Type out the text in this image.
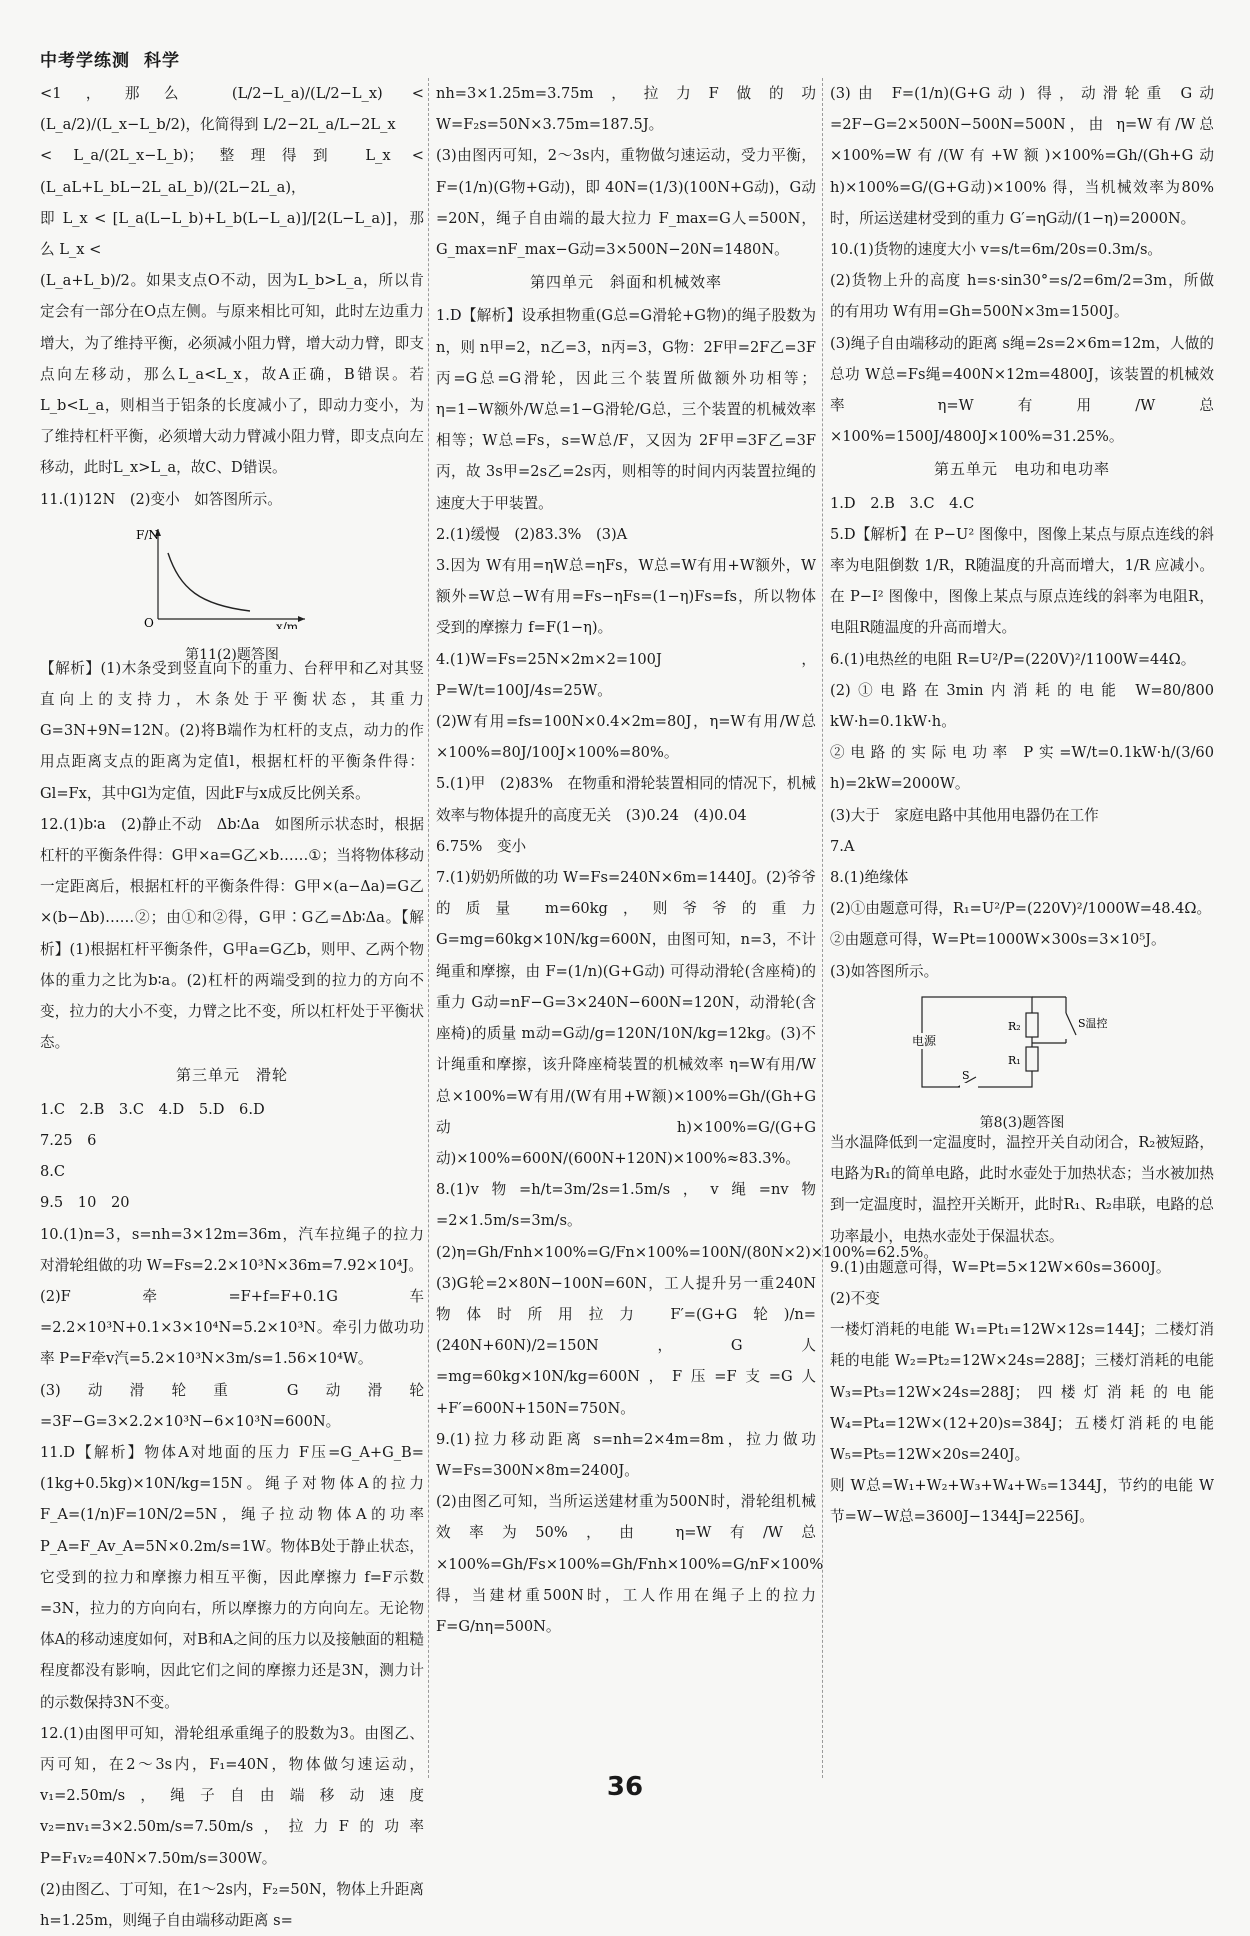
中考学练测 科学

<1，那么 (L/2−L_a)/(L/2−L_x) < (L_a/2)/(L_x−L_b/2)，化简得到 L/2−2L_a/L−2L_x

< L_a/(2L_x−L_b)；整理得到 L_x < (L_aL+L_bL−2L_aL_b)/(2L−2L_a)，

即 L_x < [L_a(L−L_b)+L_b(L−L_a)]/[2(L−L_a)]，那么 L_x <

(L_a+L_b)/2。如果支点O不动，因为L_b>L_a，所以肯定会有一部分在O点左侧。与原来相比可知，此时左边重力增大，为了维持平衡，必须减小阻力臂，增大动力臂，即支点向左移动，那么L_a<L_x，故A正确，B错误。若L_b<L_a，则相当于铝条的长度减小了，即动力变小，为了维持杠杆平衡，必须增大动力臂减小阻力臂，即支点向左移动，此时L_x>L_a，故C、D错误。

11.(1)12N　(2)变小　如答图所示。

F/N
x/m
O

第11(2)题答图

【解析】(1)木条受到竖直向下的重力、台秤甲和乙对其竖直向上的支持力，木条处于平衡状态，其重力G=3N+9N=12N。(2)将B端作为杠杆的支点，动力的作用点距离支点的距离为定值l，根据杠杆的平衡条件得：Gl=Fx，其中Gl为定值，因此F与x成反比例关系。

12.(1)b∶a　(2)静止不动　Δb∶Δa　如图所示状态时，根据杠杆的平衡条件得：G甲×a=G乙×b……①；当将物体移动一定距离后，根据杠杆的平衡条件得：G甲×(a−Δa)=G乙×(b−Δb)……②；由①和②得，G甲∶G乙=Δb∶Δa。【解析】(1)根据杠杆平衡条件，G甲a=G乙b，则甲、乙两个物体的重力之比为b∶a。(2)杠杆的两端受到的拉力的方向不变，拉力的大小不变，力臂之比不变，所以杠杆处于平衡状态。

第三单元　滑轮

1.C　2.B　3.C　4.D　5.D　6.D

7.25　6

8.C

9.5　10　20

10.(1)n=3，s=nh=3×12m=36m，汽车拉绳子的拉力对滑轮组做的功 W=Fs=2.2×10³N×36m=7.92×10⁴J。

(2)F牵=F+f=F+0.1G车=2.2×10³N+0.1×3×10⁴N=5.2×10³N。牵引力做功功率 P=F牵v汽=5.2×10³N×3m/s=1.56×10⁴W。

(3)动滑轮重 G动滑轮=3F−G=3×2.2×10³N−6×10³N=600N。

11.D【解析】物体A对地面的压力 F压=G_A+G_B=(1kg+0.5kg)×10N/kg=15N。绳子对物体A的拉力 F_A=(1/n)F=10N/2=5N，绳子拉动物体A的功率 P_A=F_Av_A=5N×0.2m/s=1W。物体B处于静止状态，它受到的拉力和摩擦力相互平衡，因此摩擦力 f=F示数=3N，拉力的方向向右，所以摩擦力的方向向左。无论物体A的移动速度如何，对B和A之间的压力以及接触面的粗糙程度都没有影响，因此它们之间的摩擦力还是3N，测力计的示数保持3N不变。

12.(1)由图甲可知，滑轮组承重绳子的股数为3。由图乙、丙可知，在2～3s内，F₁=40N，物体做匀速运动，v₁=2.50m/s，绳子自由端移动速度 v₂=nv₁=3×2.50m/s=7.50m/s，拉力F的功率 P=F₁v₂=40N×7.50m/s=300W。

(2)由图乙、丁可知，在1～2s内，F₂=50N，物体上升距离 h=1.25m，则绳子自由端移动距离 s=

nh=3×1.25m=3.75m，拉力F做的功 W=F₂s=50N×3.75m=187.5J。

(3)由图丙可知，2～3s内，重物做匀速运动，受力平衡，F=(1/n)(G物+G动)，即 40N=(1/3)(100N+G动)，G动=20N，绳子自由端的最大拉力 F_max=G人=500N，G_max=nF_max−G动=3×500N−20N=1480N。

第四单元　斜面和机械效率

1.D【解析】设承担物重(G总=G滑轮+G物)的绳子股数为n，则 n甲=2，n乙=3，n丙=3，G物：2F甲=2F乙=3F丙=G总=G滑轮，因此三个装置所做额外功相等；η=1−W额外/W总=1−G滑轮/G总，三个装置的机械效率相等；W总=Fs，s=W总/F，又因为 2F甲=3F乙=3F丙，故 3s甲=2s乙=2s丙，则相等的时间内丙装置拉绳的速度大于甲装置。

2.(1)缓慢　(2)83.3%　(3)A

3.因为 W有用=ηW总=ηFs，W总=W有用+W额外，W额外=W总−W有用=Fs−ηFs=(1−η)Fs=fs，所以物体受到的摩擦力 f=F(1−η)。

4.(1)W=Fs=25N×2m×2=100J，P=W/t=100J/4s=25W。

(2)W有用=fs=100N×0.4×2m=80J，η=W有用/W总×100%=80J/100J×100%=80%。

5.(1)甲　(2)83%　在物重和滑轮装置相同的情况下，机械效率与物体提升的高度无关　(3)0.24　(4)0.04

6.75%　变小

7.(1)奶奶所做的功 W=Fs=240N×6m=1440J。(2)爷爷的质量 m=60kg，则爷爷的重力 G=mg=60kg×10N/kg=600N，由图可知，n=3，不计绳重和摩擦，由 F=(1/n)(G+G动) 可得动滑轮(含座椅)的重力 G动=nF−G=3×240N−600N=120N，动滑轮(含座椅)的质量 m动=G动/g=120N/10N/kg=12kg。(3)不计绳重和摩擦，该升降座椅装置的机械效率 η=W有用/W总×100%=W有用/(W有用+W额)×100%=Gh/(Gh+G动h)×100%=G/(G+G动)×100%=600N/(600N+120N)×100%≈83.3%。

8.(1)v物=h/t=3m/2s=1.5m/s，v绳=nv物=2×1.5m/s=3m/s。

(2)η=Gh/Fnh×100%=G/Fn×100%=100N/(80N×2)×100%=62.5%。

(3)G轮=2×80N−100N=60N，工人提升另一重240N物体时所用拉力 F′=(G+G轮)/n=(240N+60N)/2=150N，G人=mg=60kg×10N/kg=600N，F压=F支=G人+F′=600N+150N=750N。

9.(1)拉力移动距离 s=nh=2×4m=8m，拉力做功 W=Fs=300N×8m=2400J。

(2)由图乙可知，当所运送建材重为500N时，滑轮组机械效率为50%，由 η=W有/W总×100%=Gh/Fs×100%=Gh/Fnh×100%=G/nF×100% 得，当建材重500N时，工人作用在绳子上的拉力 F=G/nη=500N。

(3)由 F=(1/n)(G+G动) 得，动滑轮重 G动=2F−G=2×500N−500N=500N，由 η=W有/W总×100%=W有/(W有+W额)×100%=Gh/(Gh+G动h)×100%=G/(G+G动)×100% 得，当机械效率为80%时，所运送建材受到的重力 G′=ηG动/(1−η)=2000N。

10.(1)货物的速度大小 v=s/t=6m/20s=0.3m/s。

(2)货物上升的高度 h=s·sin30°=s/2=6m/2=3m，所做的有用功 W有用=Gh=500N×3m=1500J。

(3)绳子自由端移动的距离 s绳=2s=2×6m=12m，人做的总功 W总=Fs绳=400N×12m=4800J，该装置的机械效率 η=W有用/W总×100%=1500J/4800J×100%=31.25%。

第五单元　电功和电功率

1.D　2.B　3.C　4.C

5.D【解析】在 P−U² 图像中，图像上某点与原点连线的斜率为电阻倒数 1/R，R随温度的升高而增大，1/R 应减小。在 P−I² 图像中，图像上某点与原点连线的斜率为电阻R，电阻R随温度的升高而增大。

6.(1)电热丝的电阻 R=U²/P=(220V)²/1100W=44Ω。

(2)①电路在3min内消耗的电能 W=80/800 kW·h=0.1kW·h。

②电路的实际电功率 P实=W/t=0.1kW·h/(3/60 h)=2kW=2000W。

(3)大于　家庭电路中其他用电器仍在工作

7.A

8.(1)绝缘体

(2)①由题意可得，R₁=U²/P=(220V)²/1000W=48.4Ω。

②由题意可得，W=Pt=1000W×300s=3×10⁵J。

(3)如答图所示。

电源
R₂
R₁
S温控
S

第8(3)题答图

当水温降低到一定温度时，温控开关自动闭合，R₂被短路，电路为R₁的简单电路，此时水壶处于加热状态；当水被加热到一定温度时，温控开关断开，此时R₁、R₂串联，电路的总功率最小，电热水壶处于保温状态。

9.(1)由题意可得，W=Pt=5×12W×60s=3600J。

(2)不变

一楼灯消耗的电能 W₁=Pt₁=12W×12s=144J；二楼灯消耗的电能 W₂=Pt₂=12W×24s=288J；三楼灯消耗的电能 W₃=Pt₃=12W×24s=288J；四楼灯消耗的电能 W₄=Pt₄=12W×(12+20)s=384J；五楼灯消耗的电能 W₅=Pt₅=12W×20s=240J。

则 W总=W₁+W₂+W₃+W₄+W₅=1344J，节约的电能 W节=W−W总=3600J−1344J=2256J。

36
